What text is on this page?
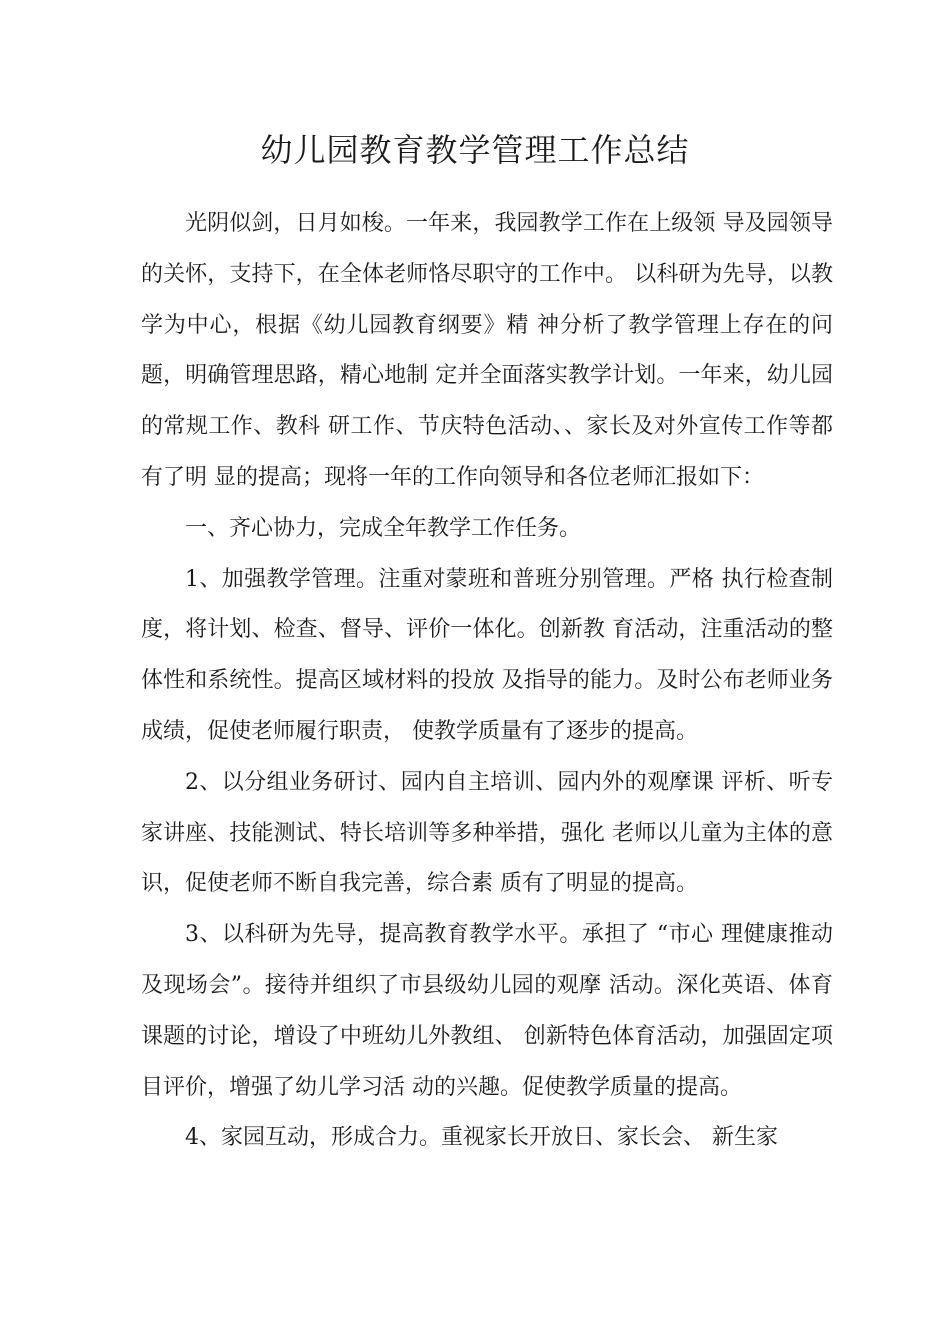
幼儿园教育教学管理工作总结

光阴似剑，日月如梭。一年来，我园教学工作在上级领 导及园领导的关怀，支持下，在全体老师恪尽职守的工作中。 以科研为先导，以教学为中心，根据《幼儿园教育纲要》精 神分析了教学管理上存在的问题，明确管理思路，精心地制 定并全面落实教学计划。一年来，幼儿园的常规工作、教科 研工作、节庆特色活动、、家长及对外宣传工作等都有了明 显的提高；现将一年的工作向领导和各位老师汇报如下：

一、齐心协力，完成全年教学工作任务。

1、加强教学管理。注重对蒙班和普班分别管理。严格 执行检查制度，将计划、检查、督导、评价一体化。创新教 育活动，注重活动的整体性和系统性。提高区域材料的投放 及指导的能力。及时公布老师业务成绩，促使老师履行职责， 使教学质量有了逐步的提高。

2、以分组业务研讨、园内自主培训、园内外的观摩课 评析、听专家讲座、技能测试、特长培训等多种举措，强化 老师以儿童为主体的意识，促使老师不断自我完善，综合素 质有了明显的提高。

3、以科研为先导，提高教育教学水平。承担了 “市心 理健康推动及现场会”。接待并组织了市县级幼儿园的观摩 活动。深化英语、体育课题的讨论，增设了中班幼儿外教组、 创新特色体育活动，加强固定项目评价，增强了幼儿学习活 动的兴趣。促使教学质量的提高。

4、家园互动，形成合力。重视家长开放日、家长会、 新生家
